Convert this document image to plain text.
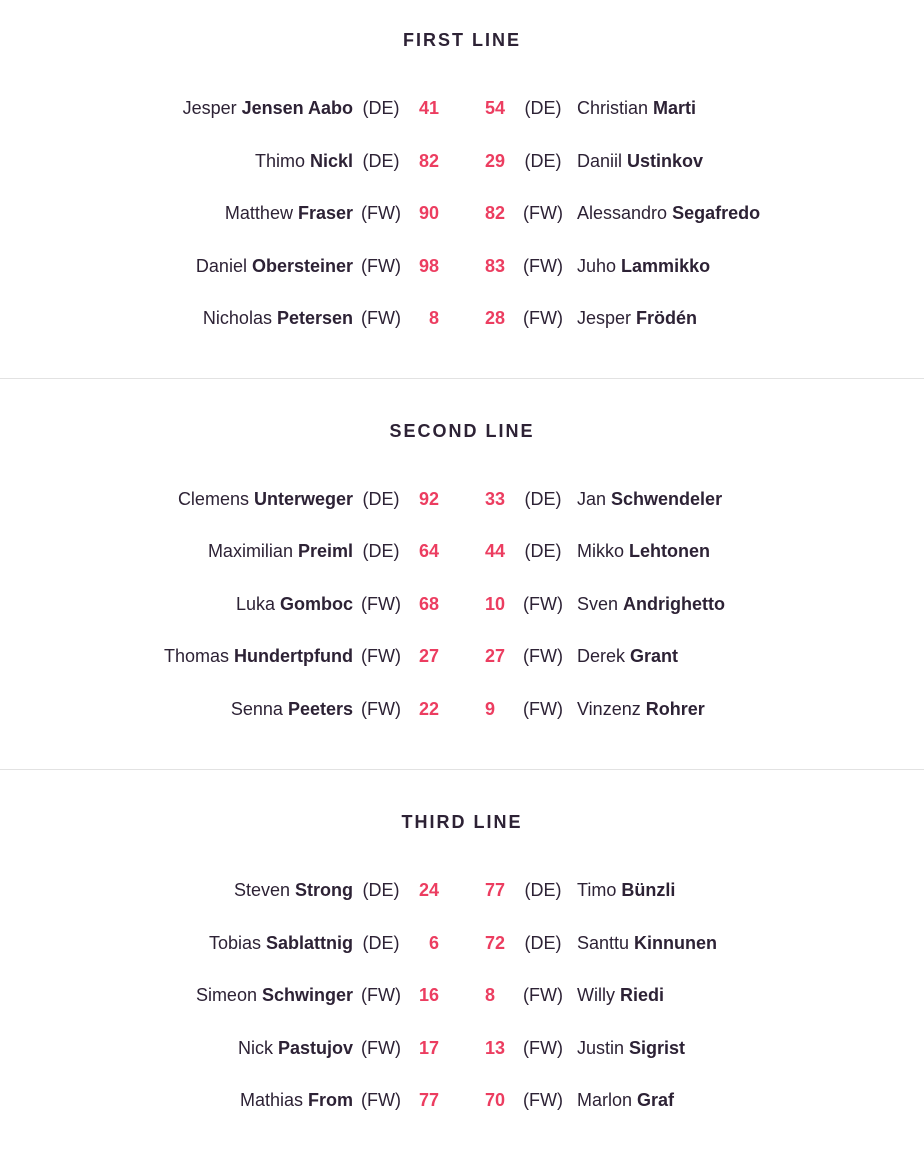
FIRST LINE
Jesper Jensen Aabo (DE)	41	54	(DE) Christian Marti
Thimo Nickl (DE)	82	29	(DE) Daniil Ustinkov
Matthew Fraser (FW) 90	82 (FW) Alessandro Segafredo
Daniel Obersteiner (FW) 98	83 (FW) Juho Lammikko
Nicholas Petersen (FW)	8	28 (FW) Jesper Frödén
SECOND LINE
Clemens Unterweger (DE)	92	33	(DE) Jan Schwendeler
Maximilian Preiml (DE)	64	44	(DE) Mikko Lehtonen
Luka Gomboc (FW) 68	10 (FW) Sven Andrighetto
Thomas Hundertpfund (FW) 27	27 (FW) Derek Grant
Senna Peeters (FW) 22	9	(FW) Vinzenz Rohrer
THIRD LINE
Steven Strong (DE)	24	77	(DE) Timo Bünzli
Tobias Sablattnig (DE)	6	72	(DE) Santtu Kinnunen
Simeon Schwinger (FW) 16	8	(FW) Willy Riedi
Nick Pastujov (FW) 17	13 (FW) Justin Sigrist
Mathias From (FW) 77	70 (FW) Marlon Graf
